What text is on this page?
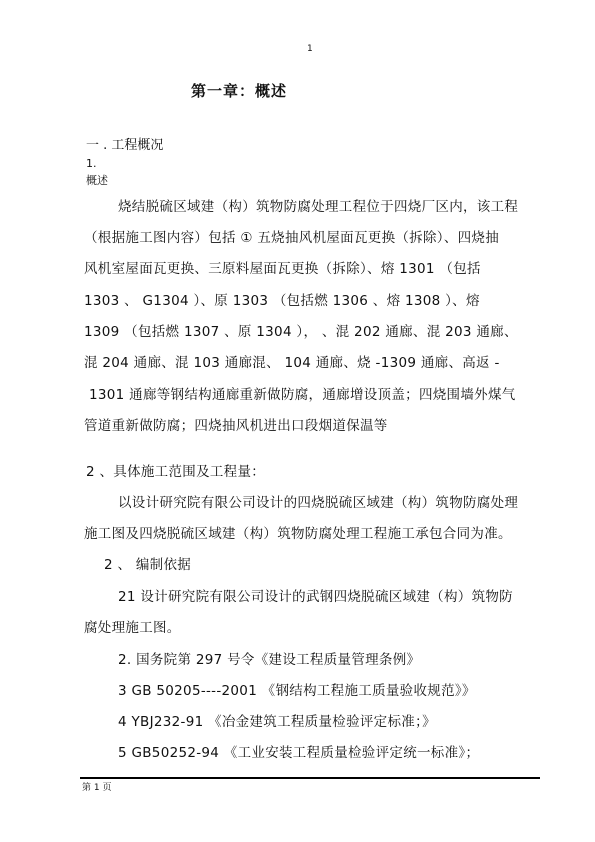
1
第一章：概述
一 . 工程概况
1.
概述
烧结脱硫区域建（构）筑物防腐处理工程位于四烧厂区内，该工程
（根据施工图内容）包括 ① 五烧抽风机屋面瓦更换（拆除）、四烧抽
风机室屋面瓦更换、三原料屋面瓦更换（拆除）、熔 1301 （包括
1303 、 G1304 ）、原 1303 （包括燃 1306 、熔 1308 ）、熔
1309 （包括燃 1307 、原 1304 ）， 、混 202 通廊、混 203 通廊、
混 204 通廊、混 103 通廊混、 104 通廊、烧 -1309 通廊、高返 -
1301 通廊等钢结构通廊重新做防腐，通廊增设顶盖；四烧围墙外煤气
管道重新做防腐；四烧抽风机进出口段烟道保温等
2 、具体施工范围及工程量：
以设计研究院有限公司设计的四烧脱硫区域建（构）筑物防腐处理
施工图及四烧脱硫区域建（构）筑物防腐处理工程施工承包合同为准。
2 、 编制依据
21 设计研究院有限公司设计的武钢四烧脱硫区域建（构）筑物防
腐处理施工图。
2. 国务院第 297 号令《建设工程质量管理条例》
3 GB 50205----2001 《钢结构工程施工质量验收规范》》
4 YBJ232-91 《冶金建筑工程质量检验评定标准；》
5 GB50252-94 《工业安装工程质量检验评定统一标准》；
第 1 页
